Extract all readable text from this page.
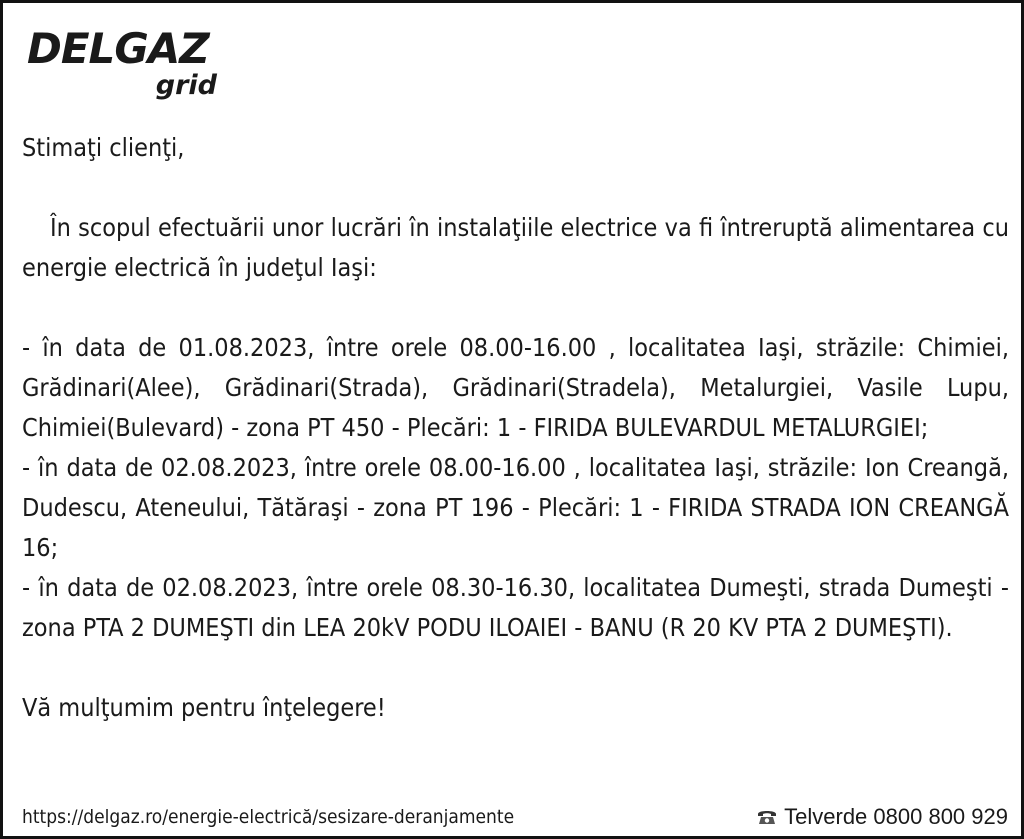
DELGAZ
grid

Stimaţi clienţi,

În scopul efectuării unor lucrări în instalaţiile electrice va fi întreruptă alimentarea cu energie electrică în judeţul Iaşi:

- în data de 01.08.2023, între orele 08.00-16.00 , localitatea Iaşi, străzile: Chimiei, Grădinari(Alee), Grădinari(Strada), Grădinari(Stradela), Metalurgiei, Vasile Lupu, Chimiei(Bulevard) - zona PT 450 - Plecări: 1 - FIRIDA BULEVARDUL METALURGIEI;

- în data de 02.08.2023, între orele 08.00-16.00 , localitatea Iaşi, străzile: Ion Creangă, Dudescu, Ateneului, Tătăraşi - zona PT 196 - Plecări: 1 - FIRIDA STRADA ION CREANGĂ 16;

- în data de 02.08.2023, între orele 08.30-16.30, localitatea Dumeşti, strada Dumeşti - zona PTA 2 DUMEŞTI din LEA 20kV PODU ILOAIEI - BANU (R 20 KV PTA 2 DUMEŞTI).

Vă mulţumim pentru înţelegere!

https://delgaz.ro/energie-electrică/sesizare-deranjamente	Telverde 0800 800 929
